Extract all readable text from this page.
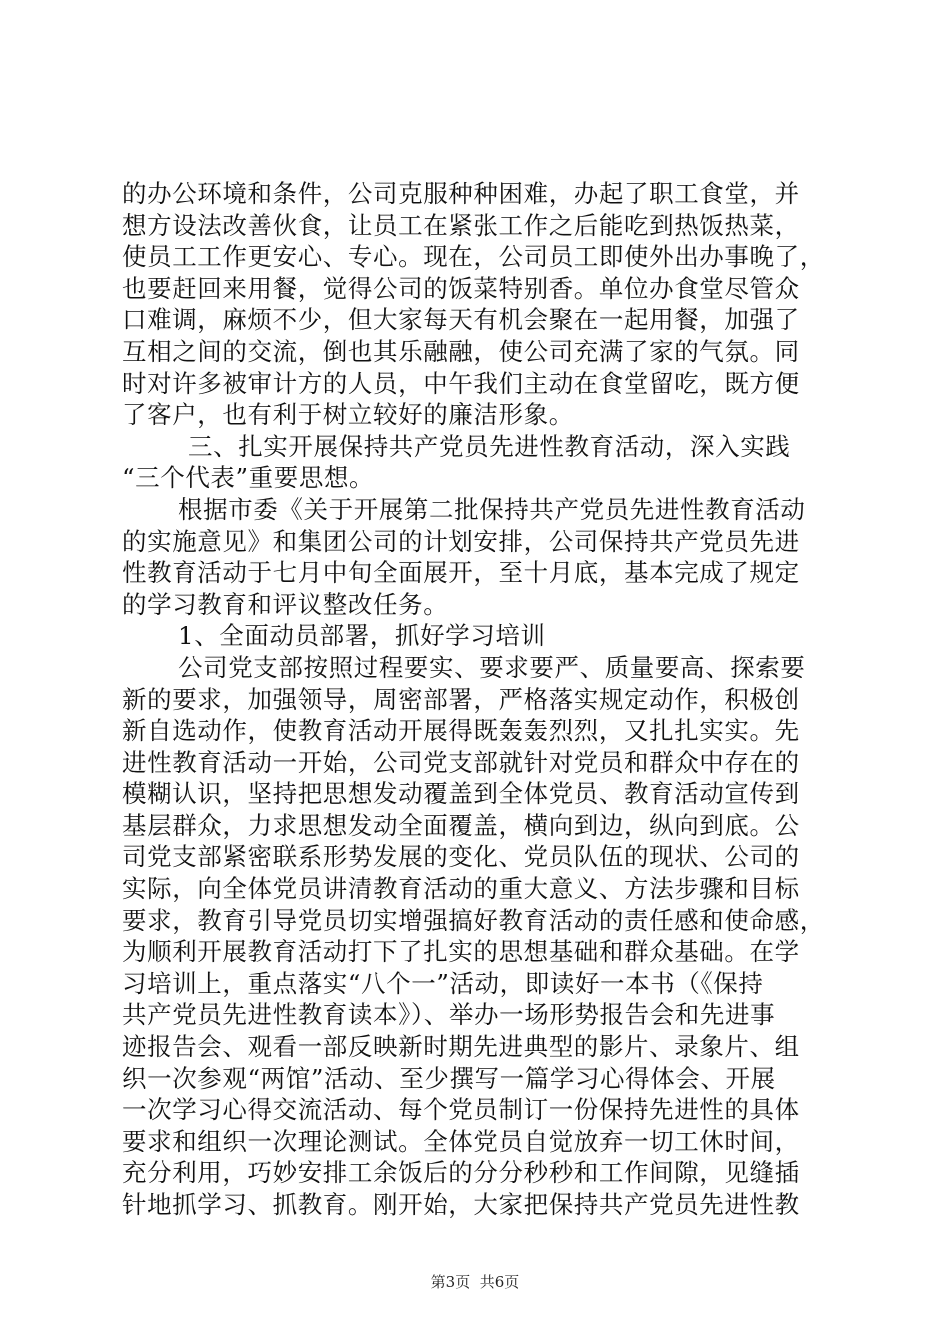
的办公环境和条件，公司克服种种困难，办起了职工食堂，并
想方设法改善伙食，让员工在紧张工作之后能吃到热饭热菜，
使员工工作更安心、专心。现在，公司员工即使外出办事晚了，
也要赶回来用餐，觉得公司的饭菜特别香。单位办食堂尽管众
口难调，麻烦不少，但大家每天有机会聚在一起用餐，加强了
互相之间的交流，倒也其乐融融，使公司充满了家的气氛。同
时对许多被审计方的人员，中午我们主动在食堂留吃，既方便
了客户，也有利于树立较好的廉洁形象。
三、扎实开展保持共产党员先进性教育活动，深入实践
“三个代表”重要思想。
根据市委《关于开展第二批保持共产党员先进性教育活动
的实施意见》和集团公司的计划安排，公司保持共产党员先进
性教育活动于七月中旬全面展开，至十月底，基本完成了规定
的学习教育和评议整改任务。
1、全面动员部署，抓好学习培训
公司党支部按照过程要实、要求要严、质量要高、探索要
新的要求，加强领导，周密部署，严格落实规定动作，积极创
新自选动作，使教育活动开展得既轰轰烈烈，又扎扎实实。先
进性教育活动一开始，公司党支部就针对党员和群众中存在的
模糊认识，坚持把思想发动覆盖到全体党员、教育活动宣传到
基层群众，力求思想发动全面覆盖，横向到边，纵向到底。公
司党支部紧密联系形势发展的变化、党员队伍的现状、公司的
实际，向全体党员讲清教育活动的重大意义、方法步骤和目标
要求，教育引导党员切实增强搞好教育活动的责任感和使命感，
为顺利开展教育活动打下了扎实的思想基础和群众基础。在学
习培训上，重点落实“八个一”活动，即读好一本书（《保持
共产党员先进性教育读本》）、举办一场形势报告会和先进事
迹报告会、观看一部反映新时期先进典型的影片、录象片、组
织一次参观“两馆”活动、至少撰写一篇学习心得体会、开展
一次学习心得交流活动、每个党员制订一份保持先进性的具体
要求和组织一次理论测试。全体党员自觉放弃一切工休时间，
充分利用，巧妙安排工余饭后的分分秒秒和工作间隙，见缝插
针地抓学习、抓教育。刚开始，大家把保持共产党员先进性教
第3页 共6页
